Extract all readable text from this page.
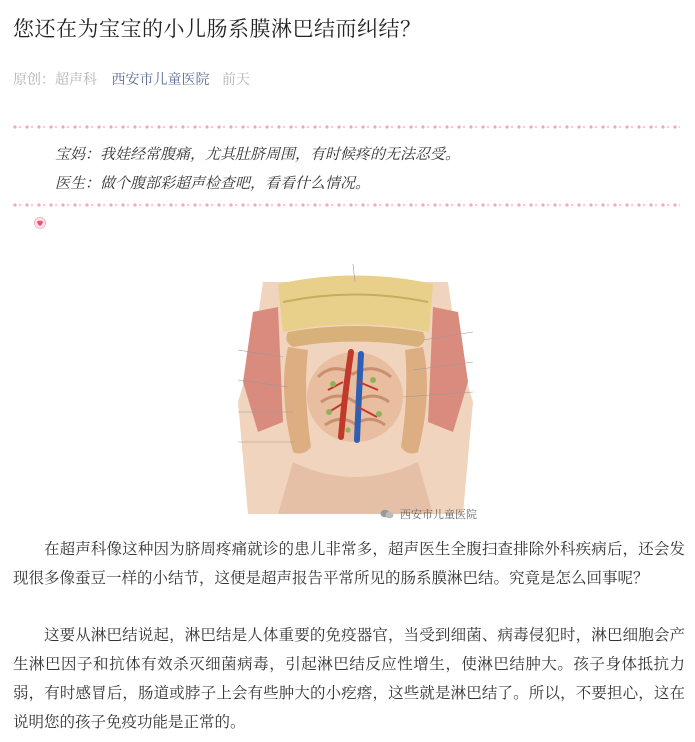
您还在为宝宝的小儿肠系膜淋巴结而纠结？
原创：超声科 西安市儿童医院 前天
宝妈：我娃经常腹痛，尤其肚脐周围，有时候疼的无法忍受。
医生：做个腹部彩超声检查吧，看看什么情况。
西安市儿童医院
在超声科像这种因为脐周疼痛就诊的患儿非常多，超声医生全腹扫查排除外科疾病后，还会发现很多像蚕豆一样的小结节，这便是超声报告平常所见的肠系膜淋巴结。究竟是怎么回事呢？
这要从淋巴结说起，淋巴结是人体重要的免疫器官，当受到细菌、病毒侵犯时，淋巴细胞会产生淋巴因子和抗体有效杀灭细菌病毒，引起淋巴结反应性增生，使淋巴结肿大。孩子身体抵抗力弱，有时感冒后，肠道或脖子上会有些肿大的小疙瘩，这些就是淋巴结了。所以，不要担心，这在说明您的孩子免疫功能是正常的。
